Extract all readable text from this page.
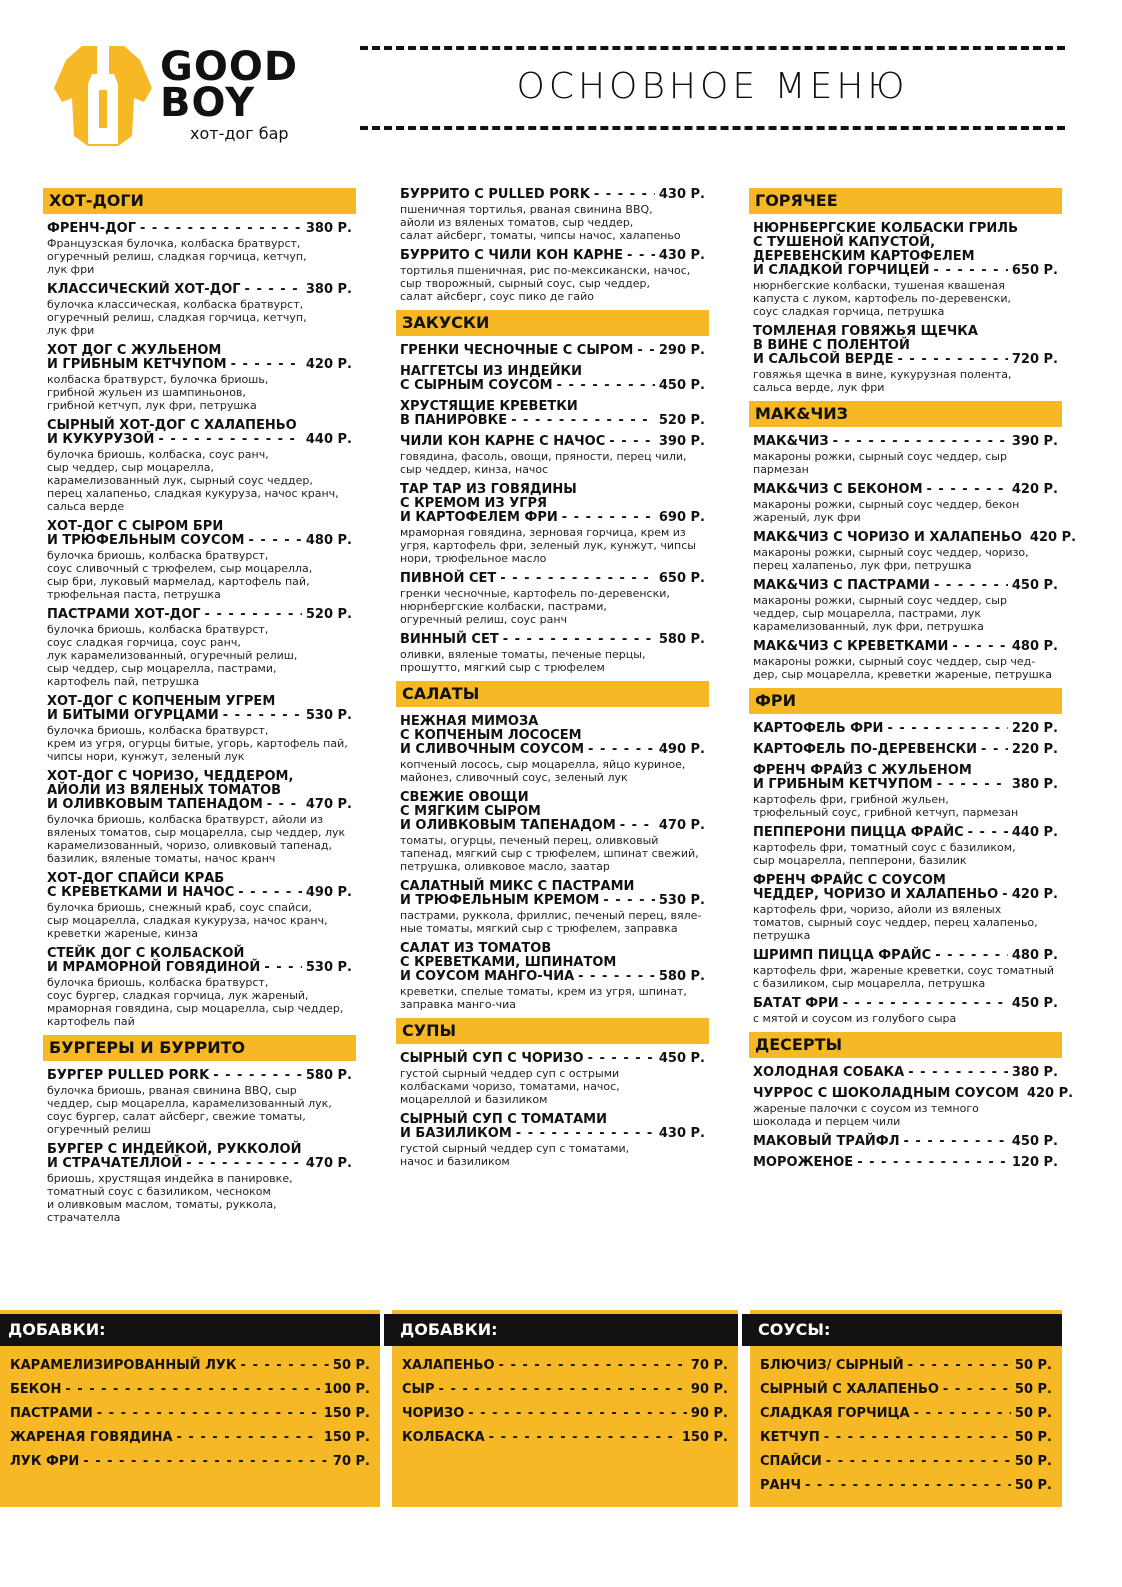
GOOD
BOY
хот-дог бар
ОСНОВНОЕ МЕНЮ
ХОТ-ДОГИ
ФРЕНЧ-ДОГ - - -	380 Р.
Французская булочка, колбаска братвурст,
огуречный релиш, сладкая горчица, кетчуп,
лук фри
КЛАССИЧЕСКИЙ ХОТ-ДОГ - - -	380 Р.
булочка классическая, колбаска братвурст,
огуречный релиш, сладкая горчица, кетчуп,
лук фри
ХОТ ДОГ С ЖУЛЬЕНОМ
И ГРИБНЫМ КЕТЧУПОМ - - -	420 Р.
колбаска братвурст, булочка бриошь,
грибной жульен из шампиньонов,
грибной кетчуп, лук фри, петрушка
СЫРНЫЙ ХОТ-ДОГ С ХАЛАПЕНЬО
И КУКУРУЗОЙ - - -	440 Р.
булочка бриошь, колбаска, соус ранч,
сыр чеддер, сыр моцарелла,
карамелизованный лук, сырный соус чеддер,
перец халапеньо, сладкая кукуруза, начос кранч,
сальса верде
ХОТ-ДОГ С СЫРОМ БРИ
И ТРЮФЕЛЬНЫМ СОУСОМ - - -	480 Р.
булочка бриошь, колбаска братвурст,
соус сливочный с трюфелем, сыр моцарелла,
сыр бри, луковый мармелад, картофель пай,
трюфельная паста, петрушка
ПАСТРАМИ ХОТ-ДОГ - - -	520 Р.
булочка бриошь, колбаска братвурст,
соус сладкая горчица, соус ранч,
лук карамелизованный, огуречный релиш,
сыр чеддер, сыр моцарелла, пастрами,
картофель пай, петрушка
ХОТ-ДОГ С КОПЧЕНЫМ УГРЕМ
И БИТЫМИ ОГУРЦАМИ - - -	530 Р.
булочка бриошь, колбаска братвурст,
крем из угря, огурцы битые, угорь, картофель пай,
чипсы нори, кунжут, зеленый лук
ХОТ-ДОГ С ЧОРИЗО, ЧЕДДЕРОМ,
АЙОЛИ ИЗ ВЯЛЕНЫХ ТОМАТОВ
И ОЛИВКОВЫМ ТАПЕНАДОМ - - -	470 Р.
булочка бриошь, колбаска братвурст, айоли из
вяленых томатов, сыр моцарелла, сыр чеддер, лук
карамелизованный, чоризо, оливковый тапенад,
базилик, вяленые томаты, начос кранч
ХОТ-ДОГ СПАЙСИ КРАБ
С КРЕВЕТКАМИ И НАЧОС - - -	490 Р.
булочка бриошь, снежный краб, соус спайси,
сыр моцарелла, сладкая кукуруза, начос кранч,
креветки жареные, кинза
СТЕЙК ДОГ С КОЛБАСКОЙ
И МРАМОРНОЙ ГОВЯДИНОЙ - - -	530 Р.
булочка бриошь, колбаска братвурст,
соус бургер, сладкая горчица, лук жареный,
мраморная говядина, сыр моцарелла, сыр чеддер,
картофель пай
БУРГЕРЫ И БУРРИТО
БУРГЕР PULLED PORK - - -	580 Р.
булочка бриошь, рваная свинина BBQ, сыр
чеддер, сыр моцарелла, карамелизованный лук,
соус бургер, салат айсберг, свежие томаты,
огуречный релиш
БУРГЕР С ИНДЕЙКОЙ, РУККОЛОЙ
И СТРАЧАТЕЛЛОЙ - - -	470 Р.
бриошь, хрустящая индейка в панировке,
томатный соус с базиликом, чесноком
и оливковым маслом, томаты, руккола,
страчателла
БУРРИТО С PULLED PORK - - -	430 Р.
пшеничная тортилья, рваная свинина BBQ,
айоли из вяленых томатов, сыр чеддер,
салат айсберг, томаты, чипсы начос, халапеньо
БУРРИТО С ЧИЛИ КОН КАРНЕ - - -	430 Р.
тортилья пшеничная, рис по-мексикански, начос,
сыр творожный, сырный соус, сыр чеддер,
салат айсберг, соус пико де гайо
ЗАКУСКИ
ГРЕНКИ ЧЕСНОЧНЫЕ С СЫРОМ - - - 290 Р.
НАГГЕТСЫ ИЗ ИНДЕЙКИ
С СЫРНЫМ СОУСОМ - - -	450 Р.
ХРУСТЯЩИЕ КРЕВЕТКИ
В ПАНИРОВКЕ - - -	520 Р.
ЧИЛИ КОН КАРНЕ С НАЧОС - - -	390 Р.
говядина, фасоль, овощи, пряности, перец чили,
сыр чеддер, кинза, начос
ТАР ТАР ИЗ ГОВЯДИНЫ
С КРЕМОМ ИЗ УГРЯ
И КАРТОФЕЛЕМ ФРИ - - -	690 Р.
мраморная говядина, зерновая горчица, крем из
угря, картофель фри, зеленый лук, кунжут, чипсы
нори, трюфельное масло
ПИВНОЙ СЕТ - - -	650 Р.
гренки чесночные, картофель по-деревенски,
нюрнбергские колбаски, пастрами,
огуречный релиш, соус ранч
ВИННЫЙ СЕТ - - -	580 Р.
оливки, вяленые томаты, печеные перцы,
прошутто, мягкий сыр с трюфелем
САЛАТЫ
НЕЖНАЯ МИМОЗА
С КОПЧЕНЫМ ЛОСОСЕМ
И СЛИВОЧНЫМ СОУСОМ - - -	490 Р.
копченый лосось, сыр моцарелла, яйцо куриное,
майонез, сливочный соус, зеленый лук
СВЕЖИЕ ОВОЩИ
С МЯГКИМ СЫРОМ
И ОЛИВКОВЫМ ТАПЕНАДОМ - - -	470 Р.
томаты, огурцы, печеный перец, оливковый
тапенад, мягкий сыр с трюфелем, шпинат свежий,
петрушка, оливковое масло, заатар
САЛАТНЫЙ МИКС С ПАСТРАМИ
И ТРЮФЕЛЬНЫМ КРЕМОМ - - -	530 Р.
пастрами, руккола, фриллис, печеный перец, вяле-
ные томаты, мягкий сыр с трюфелем, заправка
САЛАТ ИЗ ТОМАТОВ
С КРЕВЕТКАМИ, ШПИНАТОМ
И СОУСОМ МАНГО-ЧИА - - -	580 Р.
креветки, спелые томаты, крем из угря, шпинат,
заправка манго-чиа
СУПЫ
СЫРНЫЙ СУП С ЧОРИЗО - - -	450 Р.
густой сырный чеддер суп с острыми
колбасками чоризо, томатами, начос,
моцареллой и базиликом
СЫРНЫЙ СУП С ТОМАТАМИ
И БАЗИЛИКОМ - - -	430 Р.
густой сырный чеддер суп с томатами,
начос и базиликом
ГОРЯЧЕЕ
НЮРНБЕРГСКИЕ КОЛБАСКИ ГРИЛЬ
С ТУШЕНОЙ КАПУСТОЙ,
ДЕРЕВЕНСКИМ КАРТОФЕЛЕМ
И СЛАДКОЙ ГОРЧИЦЕЙ - - -	650 Р.
нюрнбегские колбаски, тушеная квашеная
капуста с луком, картофель по-деревенски,
соус сладкая горчица, петрушка
ТОМЛЕНАЯ ГОВЯЖЬЯ ЩЕЧКА
В ВИНЕ С ПОЛЕНТОЙ
И САЛЬСОЙ ВЕРДЕ - - -	720 Р.
говяжья щечка в вине, кукурузная полента,
сальса верде, лук фри
МАК&ЧИЗ
МАК&ЧИЗ - - -	390 Р.
макароны рожки, сырный соус чеддер, сыр
пармезан
МАК&ЧИЗ С БЕКОНОМ - - -	420 Р.
макароны рожки, сырный соус чеддер, бекон
жареный, лук фри
МАК&ЧИЗ С ЧОРИЗО И ХАЛАПЕНЬО 420 Р.
макароны рожки, сырный соус чеддер, чоризо,
перец халапеньо, лук фри, петрушка
МАК&ЧИЗ С ПАСТРАМИ - - -	450 Р.
макароны рожки, сырный соус чеддер, сыр
чеддер, сыр моцарелла, пастрами, лук
карамелизованный, лук фри, петрушка
МАК&ЧИЗ С КРЕВЕТКАМИ - - -	480 Р.
макароны рожки, сырный соус чеддер, сыр чед-
дер, сыр моцарелла, креветки жареные, петрушка
ФРИ
КАРТОФЕЛЬ ФРИ - - -	220 Р.
КАРТОФЕЛЬ ПО-ДЕРЕВЕНСКИ - - -	220 Р.
ФРЕНЧ ФРАЙЗ С ЖУЛЬЕНОМ
И ГРИБНЫМ КЕТЧУПОМ - - -	380 Р.
картофель фри, грибной жульен,
трюфельный соус, грибной кетчуп, пармезан
ПЕППЕРОНИ ПИЦЦА ФРАЙС - - -	440 Р.
картофель фри, томатный соус с базиликом,
сыр моцарелла, пепперони, базилик
ФРЕНЧ ФРАЙС С СОУСОМ
ЧЕДДЕР, ЧОРИЗО И ХАЛАПЕНЬО - - - 420 Р.
картофель фри, чоризо, айоли из вяленых
томатов, сырный соус чеддер, перец халапеньо,
петрушка
ШРИМП ПИЦЦА ФРАЙС - - -	480 Р.
картофель фри, жареные креветки, соус томатный
с базиликом, сыр моцарелла, петрушка
БАТАТ ФРИ - - -	450 Р.
с мятой и соусом из голубого сыра
ДЕСЕРТЫ
ХОЛОДНАЯ СОБАКА - - -	380 Р.
ЧУРРОС С ШОКОЛАДНЫМ СОУСОМ 420 Р.
жареные палочки с соусом из темного
шоколада и перцем чили
МАКОВЫЙ ТРАЙФЛ - - -	450 Р.
МОРОЖЕНОЕ - - -	120 Р.
ДОБАВКИ:
КАРАМЕЛИЗИРОВАННЫЙ ЛУК - - -	50 Р.
БЕКОН - - -	100 Р.
ПАСТРАМИ - - -	150 Р.
ЖАРЕНАЯ ГОВЯДИНА - - -	150 Р.
ЛУК ФРИ - - -	70 Р.
ДОБАВКИ:
ХАЛАПЕНЬО - - -	70 Р.
СЫР - - -	90 Р.
ЧОРИЗО - - -	90 Р.
КОЛБАСКА - - -	150 Р.
СОУСЫ:
БЛЮЧИЗ/ СЫРНЫЙ - - -	50 Р.
СЫРНЫЙ С ХАЛАПЕНЬО - - -	50 Р.
СЛАДКАЯ ГОРЧИЦА - - -	50 Р.
КЕТЧУП - - -	50 Р.
СПАЙСИ - - -	50 Р.
РАНЧ - - -	50 Р.
